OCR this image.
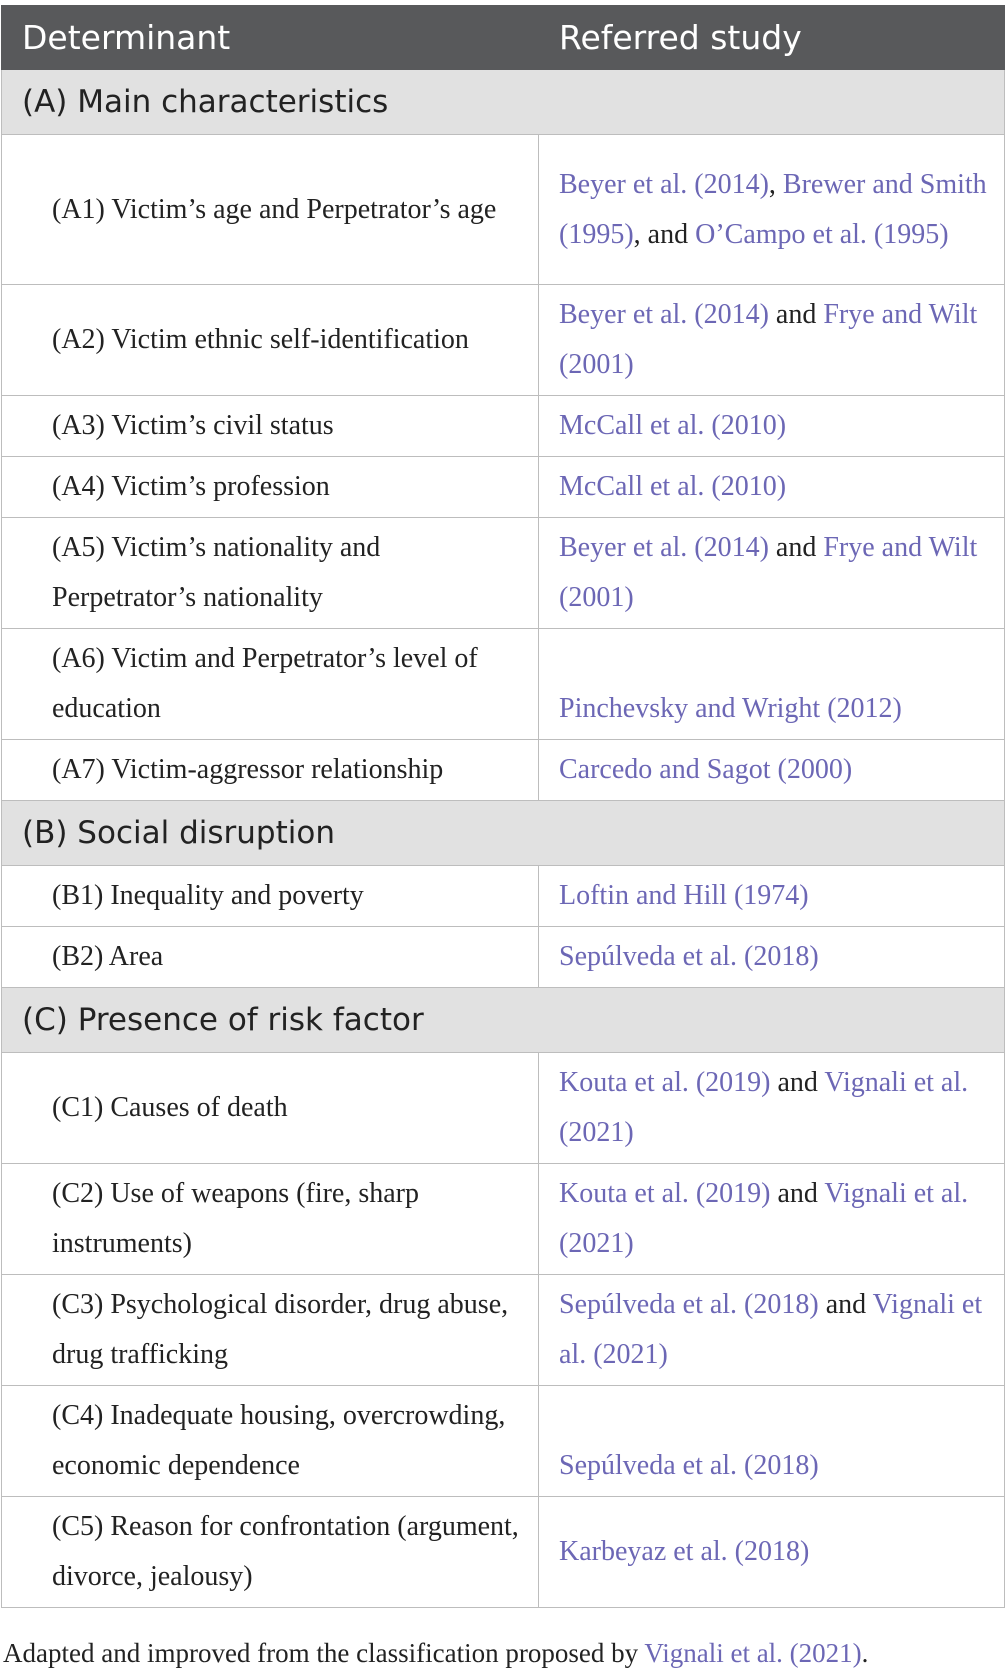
Determinant	Referred study
(A) Main characteristics	
(A1) Victim’s age and Perpetrator’s age	Beyer et al. (2014), Brewer and Smith (1995), and O’Campo et al. (1995)
(A2) Victim ethnic self-identification	Beyer et al. (2014) and Frye and Wilt (2001)
(A3) Victim’s civil status	McCall et al. (2010)
(A4) Victim’s profession	McCall et al. (2010)
(A5) Victim’s nationality and Perpetrator’s nationality	Beyer et al. (2014) and Frye and Wilt (2001)
(A6) Victim and Perpetrator’s level of education	Pinchevsky and Wright (2012)
(A7) Victim-aggressor relationship	Carcedo and Sagot (2000)
(B) Social disruption	
(B1) Inequality and poverty	Loftin and Hill (1974)
(B2) Area	Sepúlveda et al. (2018)
(C) Presence of risk factor	
(C1) Causes of death	Kouta et al. (2019) and Vignali et al. (2021)
(C2) Use of weapons (fire, sharp instruments)	Kouta et al. (2019) and Vignali et al. (2021)
(C3) Psychological disorder, drug abuse, drug trafficking	Sepúlveda et al. (2018) and Vignali et al. (2021)
(C4) Inadequate housing, overcrowding, economic dependence	Sepúlveda et al. (2018)
(C5) Reason for confrontation (argument, divorce, jealousy)	Karbeyaz et al. (2018)
Adapted and improved from the classification proposed by Vignali et al. (2021).
